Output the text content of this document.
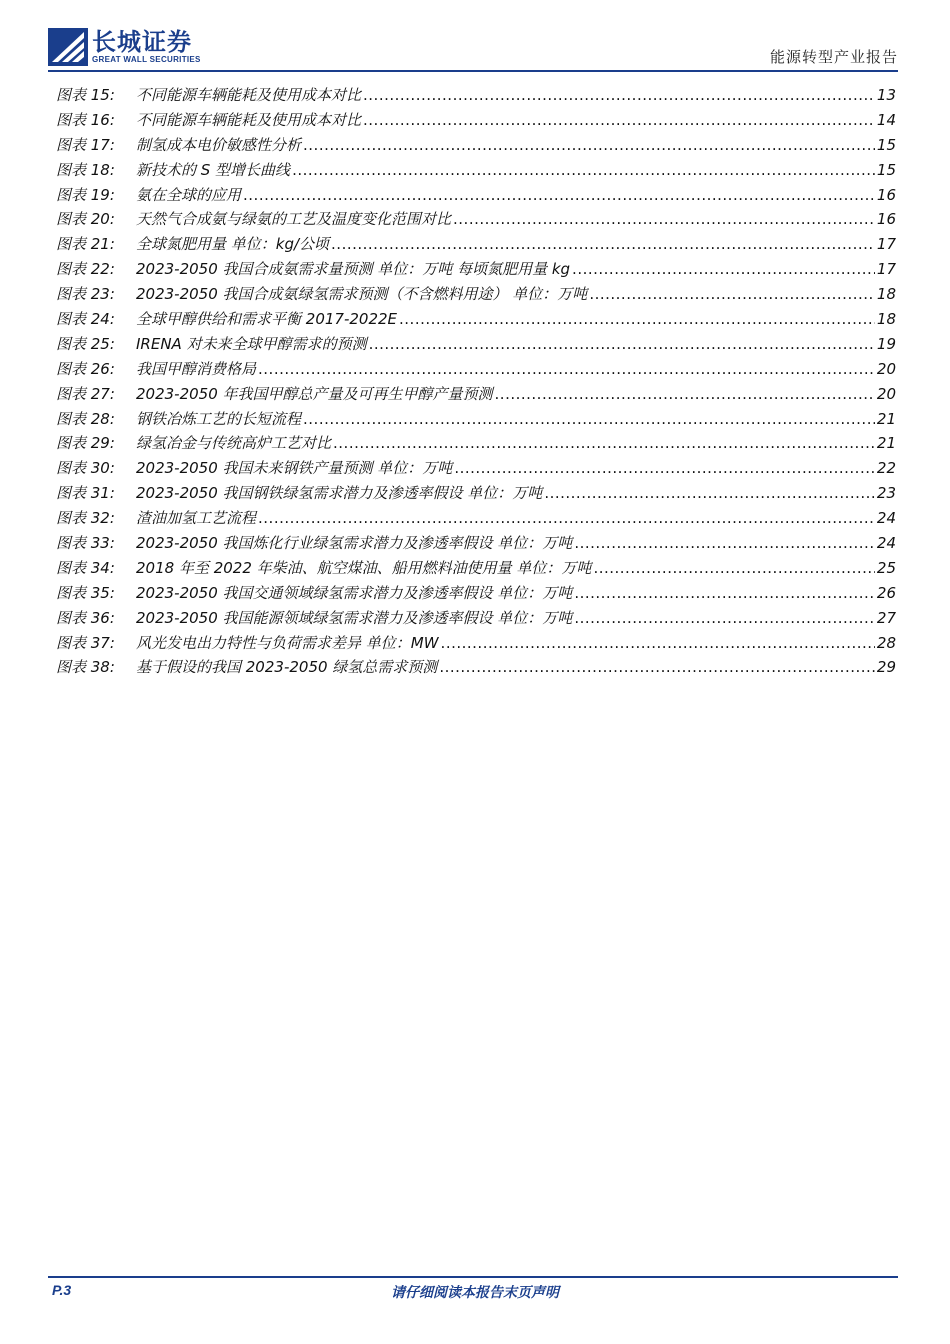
长城证券
GREAT WALL SECURITIES	能源转型产业报告
图表 15:	不同能源车辆能耗及使用成本对比 .....	13
图表 16:	不同能源车辆能耗及使用成本对比 .....	14
图表 17:	制氢成本电价敏感性分析 .....	15
图表 18:	新技术的 S 型增长曲线 .....	15
图表 19:	氨在全球的应用 .....	16
图表 20:	天然气合成氨与绿氨的工艺及温度变化范围对比 .....	16
图表 21:	全球氮肥用量 单位：kg/公顷 .....	17
图表 22:	2023-2050 我国合成氨需求量预测 单位：万吨 每顷氮肥用量 kg .....	17
图表 23:	2023-2050 我国合成氨绿氢需求预测（不含燃料用途） 单位：万吨 .....	18
图表 24:	全球甲醇供给和需求平衡 2017-2022E .....	18
图表 25:	IRENA 对未来全球甲醇需求的预测 .....	19
图表 26:	我国甲醇消费格局 .....	20
图表 27:	2023-2050 年我国甲醇总产量及可再生甲醇产量预测 .....	20
图表 28:	钢铁冶炼工艺的长短流程 .....	21
图表 29:	绿氢冶金与传统高炉工艺对比 .....	21
图表 30:	2023-2050 我国未来钢铁产量预测 单位：万吨 .....	22
图表 31:	2023-2050 我国钢铁绿氢需求潜力及渗透率假设 单位：万吨 .....	23
图表 32:	渣油加氢工艺流程 .....	24
图表 33:	2023-2050 我国炼化行业绿氢需求潜力及渗透率假设 单位：万吨 .....	24
图表 34:	2018 年至 2022 年柴油、航空煤油、船用燃料油使用量 单位：万吨 .....	25
图表 35:	2023-2050 我国交通领域绿氢需求潜力及渗透率假设 单位：万吨 .....	26
图表 36:	2023-2050 我国能源领域绿氢需求潜力及渗透率假设 单位：万吨 .....	27
图表 37:	风光发电出力特性与负荷需求差异 单位：MW .....	28
图表 38:	基于假设的我国 2023-2050 绿氢总需求预测 .....	29
P.3	请仔细阅读本报告末页声明
